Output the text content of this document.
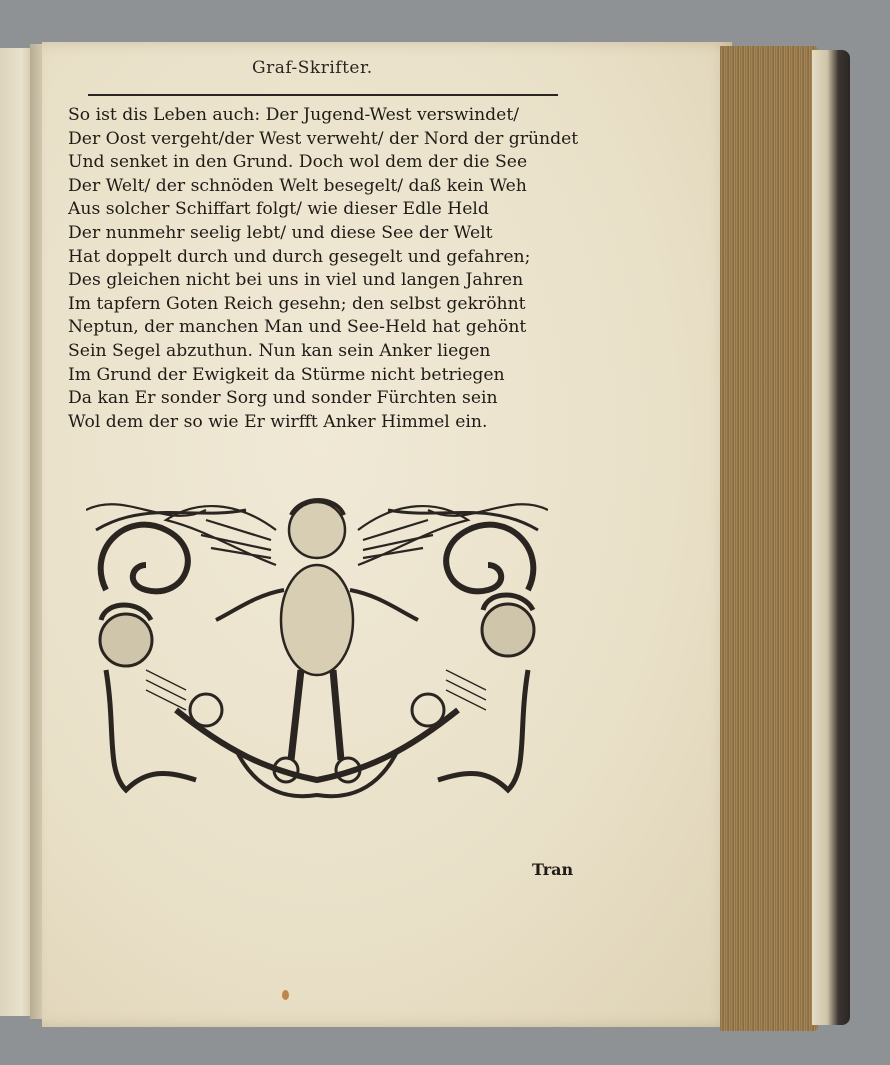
Graf-Skrifter.
So ist dis Leben auch: Der Jugend-West verswindet/
Der Oost vergeht/der West verweht/ der Nord der gründet
Und senket in den Grund. Doch wol dem der die See
Der Welt/ der schnöden Welt besegelt/ daß kein Weh
Aus solcher Schiffart folgt/ wie dieser Edle Held
Der nunmehr seelig lebt/ und diese See der Welt
Hat doppelt durch und durch gesegelt und gefahren;
Des gleichen nicht bei uns in viel und langen Jahren
Im tapfern Goten Reich gesehn; den selbst gekröhnt
Neptun, der manchen Man und See-Held hat gehönt
Sein Segel abzuthun. Nun kan sein Anker liegen
Im Grund der Ewigkeit da Stürme nicht betriegen
Da kan Er sonder Sorg und sonder Fürchten sein
Wol dem der so wie Er wirfft Anker Himmel ein.
Tran
